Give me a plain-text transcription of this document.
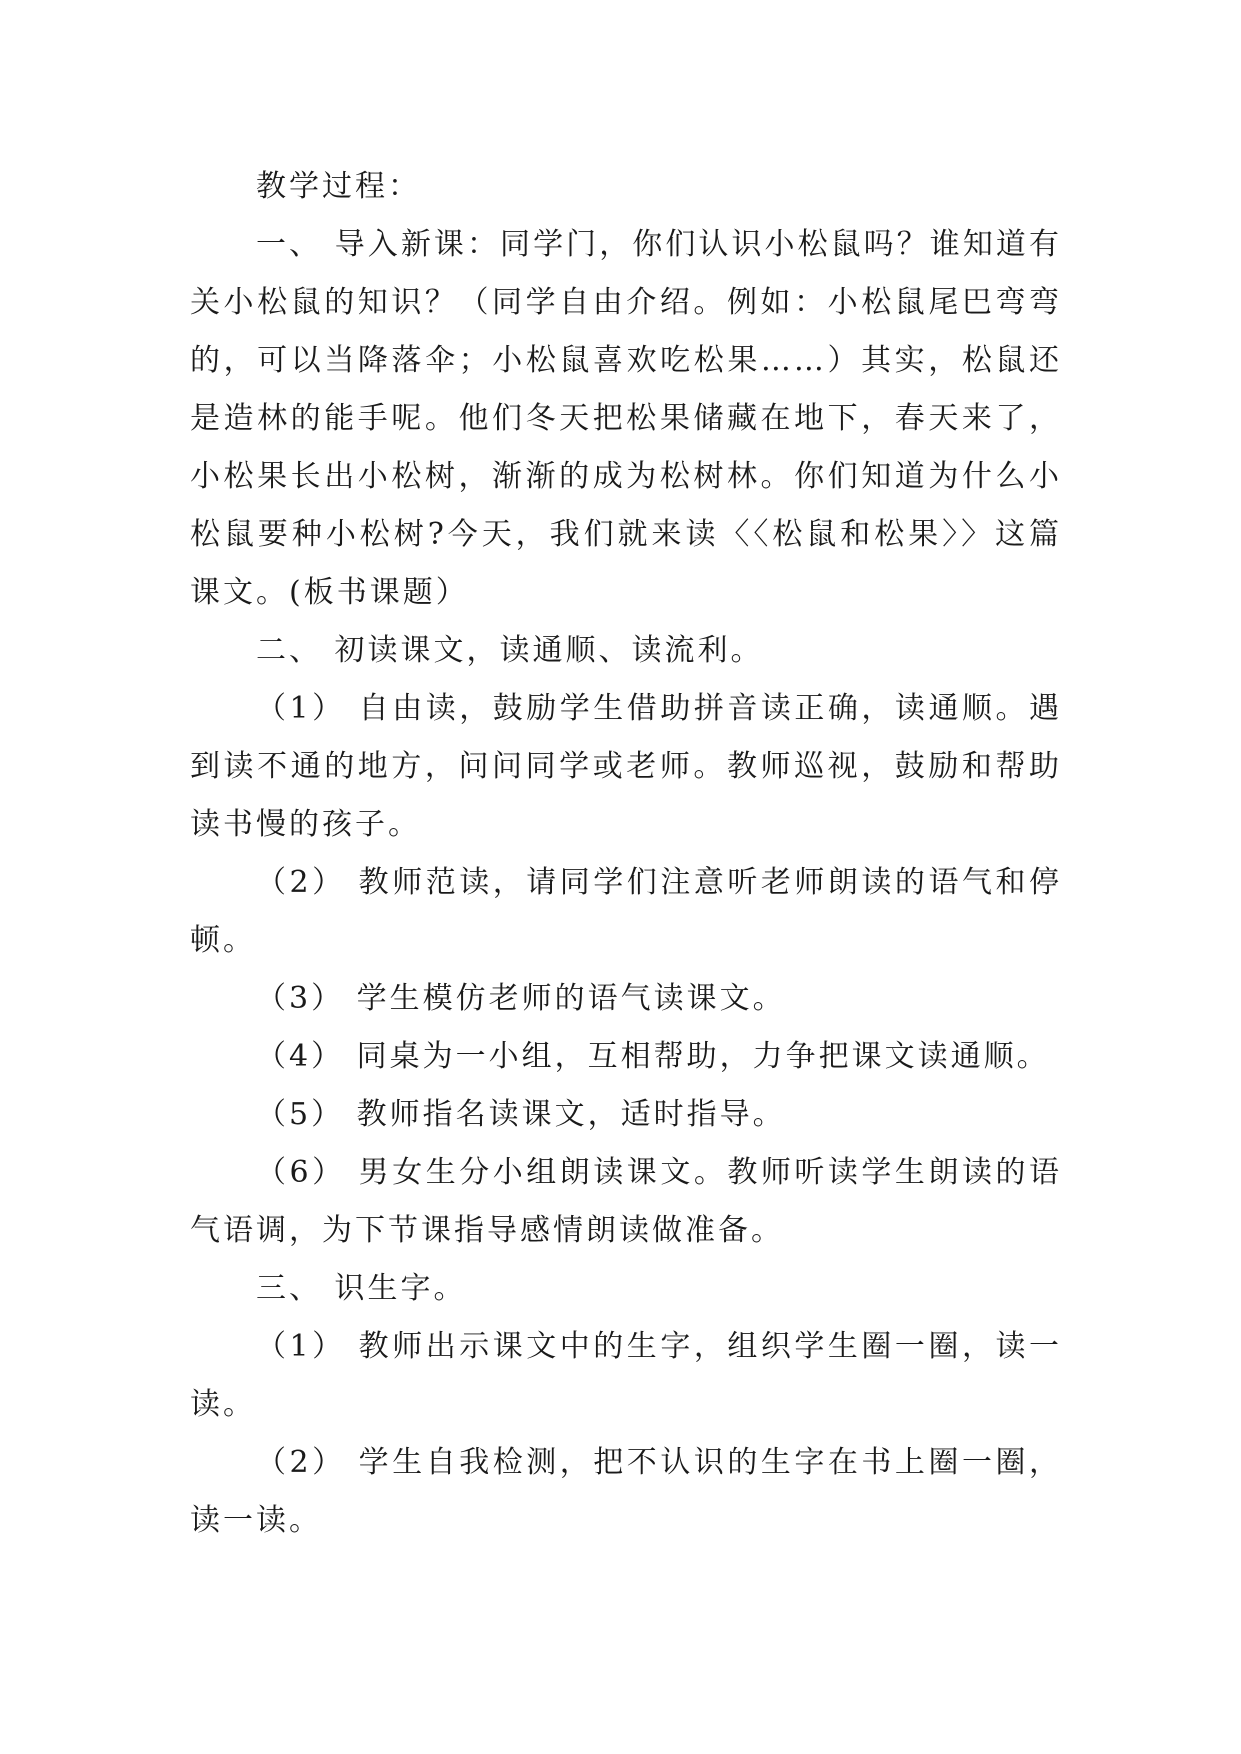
教学过程：

一、 导入新课：同学门，你们认识小松鼠吗？谁知道有关小松鼠的知识？（同学自由介绍。例如：小松鼠尾巴弯弯的，可以当降落伞；小松鼠喜欢吃松果……）其实，松鼠还是造林的能手呢。他们冬天把松果储藏在地下，春天来了，小松果长出小松树，渐渐的成为松树林。你们知道为什么小松鼠要种小松树?今天，我们就来读〈〈松鼠和松果〉〉这篇课文。(板书课题）

二、 初读课文，读通顺、读流利。

（1） 自由读，鼓励学生借助拼音读正确，读通顺。遇到读不通的地方，问问同学或老师。教师巡视，鼓励和帮助读书慢的孩子。

（2） 教师范读，请同学们注意听老师朗读的语气和停顿。

（3） 学生模仿老师的语气读课文。

（4） 同桌为一小组，互相帮助，力争把课文读通顺。

（5） 教师指名读课文，适时指导。

（6） 男女生分小组朗读课文。教师听读学生朗读的语气语调，为下节课指导感情朗读做准备。

三、 识生字。

（1） 教师出示课文中的生字，组织学生圈一圈，读一读。

（2） 学生自我检测，把不认识的生字在书上圈一圈，读一读。
